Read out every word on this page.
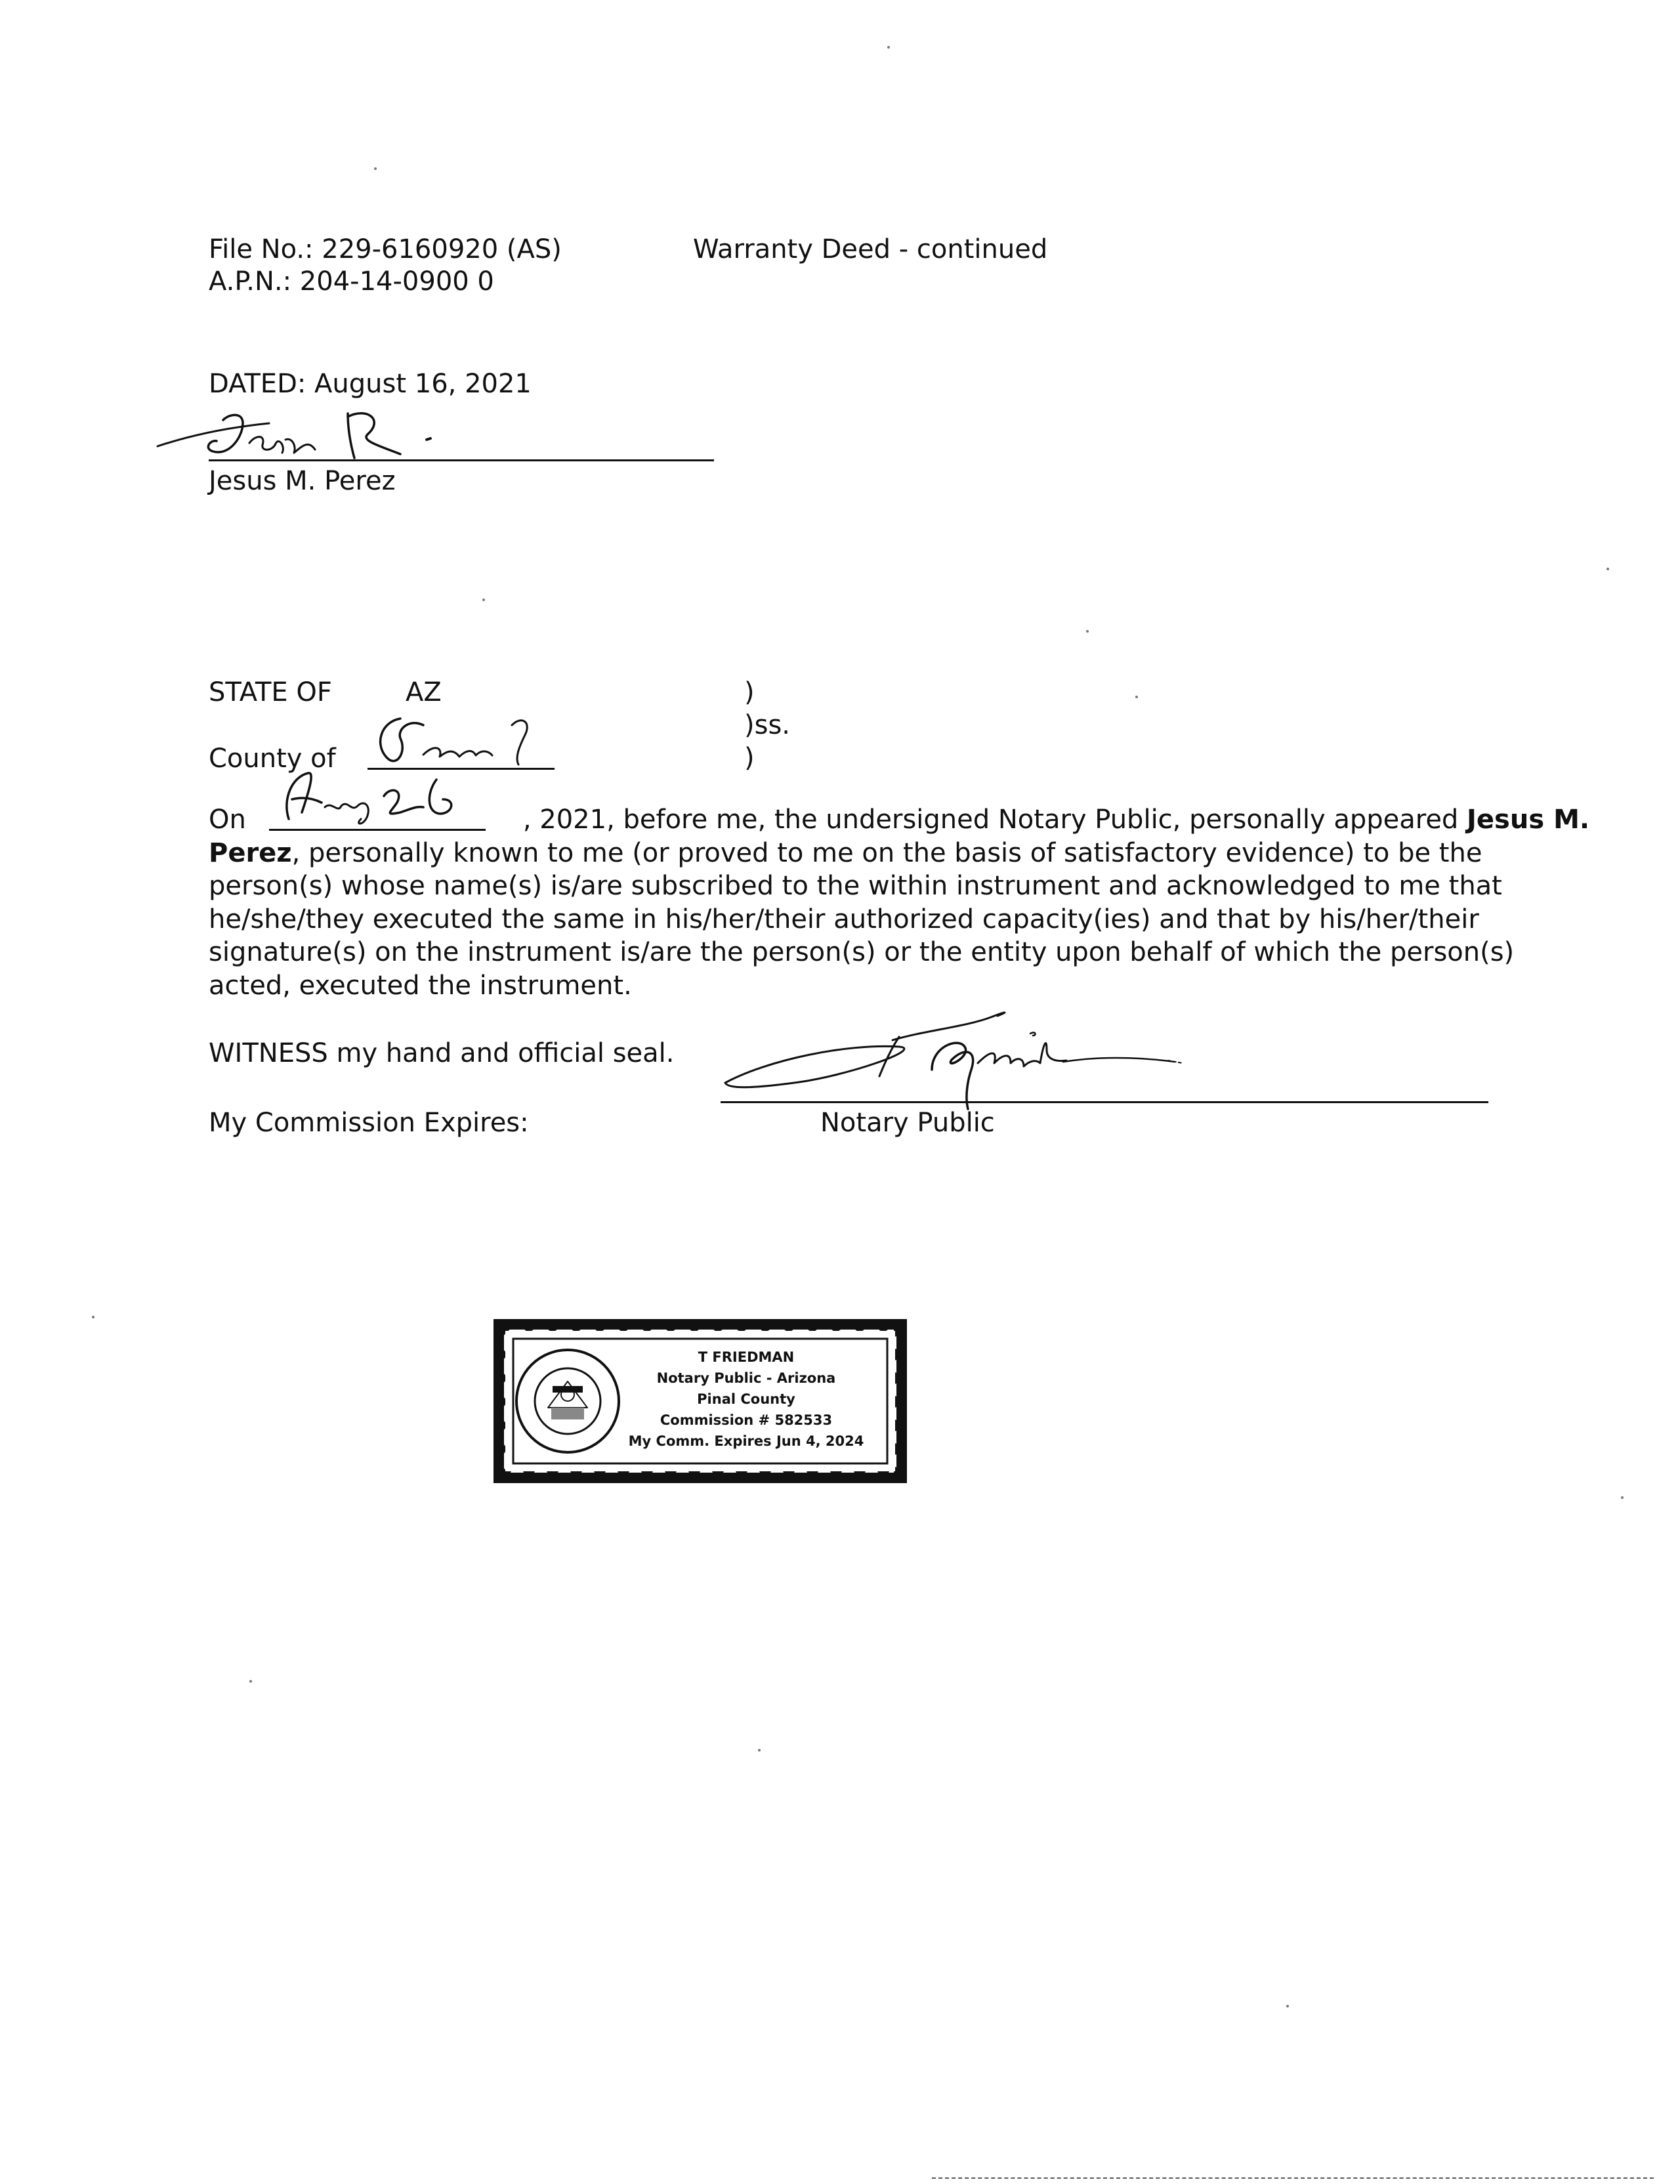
File No.: 229-6160920 (AS)
A.P.N.: 204-14-0900 0
Warranty Deed - continued
DATED: August 16, 2021
Jesus M. Perez
STATE OF	AZ
County of
)
)ss.
)
On	, 2021, before me, the undersigned Notary Public, personally appeared Jesus M.
Perez, personally known to me (or proved to me on the basis of satisfactory evidence) to be the
person(s) whose name(s) is/are subscribed to the within instrument and acknowledged to me that
he/she/they executed the same in his/her/their authorized capacity(ies) and that by his/her/their
signature(s) on the instrument is/are the person(s) or the entity upon behalf of which the person(s)
acted, executed the instrument.
WITNESS my hand and official seal.
My Commission Expires:	Notary Public
T FRIEDMAN
Notary Public - Arizona
Pinal County
Commission # 582533
My Comm. Expires Jun 4, 2024
